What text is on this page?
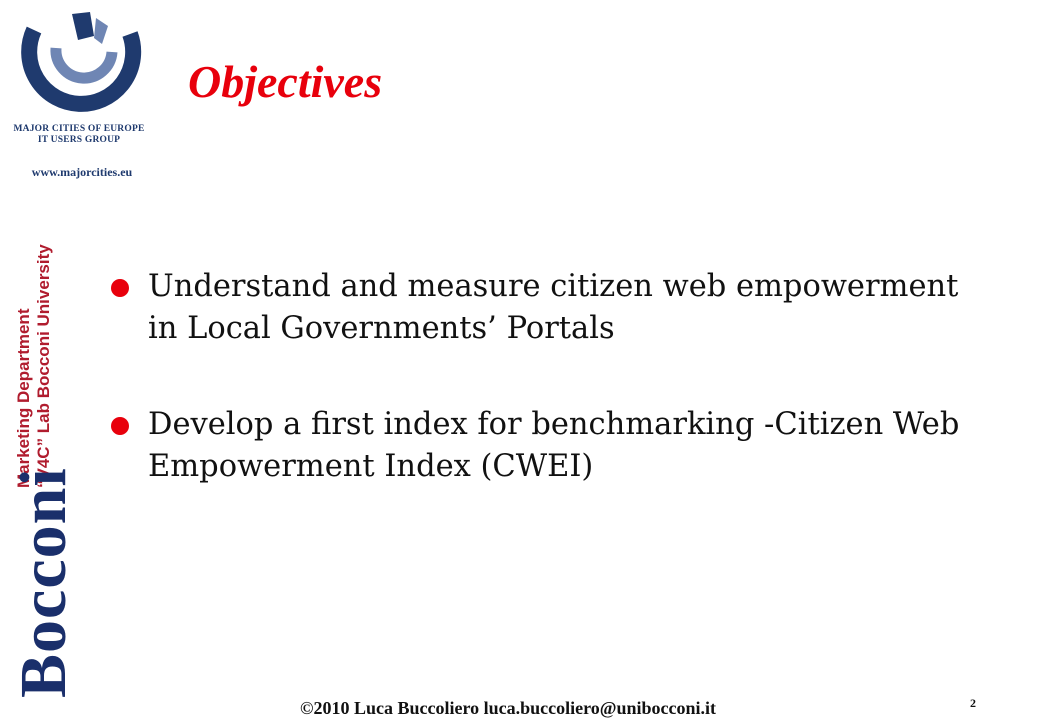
MAJOR CITIES OF EUROPE
IT USERS GROUP
www.majorcities.eu
Marketing Department “V4C” Lab Bocconi University
Bocconi
Objectives
Understand and measure citizen web empowerment in Local Governments’ Portals
Develop a first index for benchmarking -Citizen Web Empowerment Index (CWEI)
©2010 Luca Buccoliero luca.buccoliero@unibocconi.it	2
